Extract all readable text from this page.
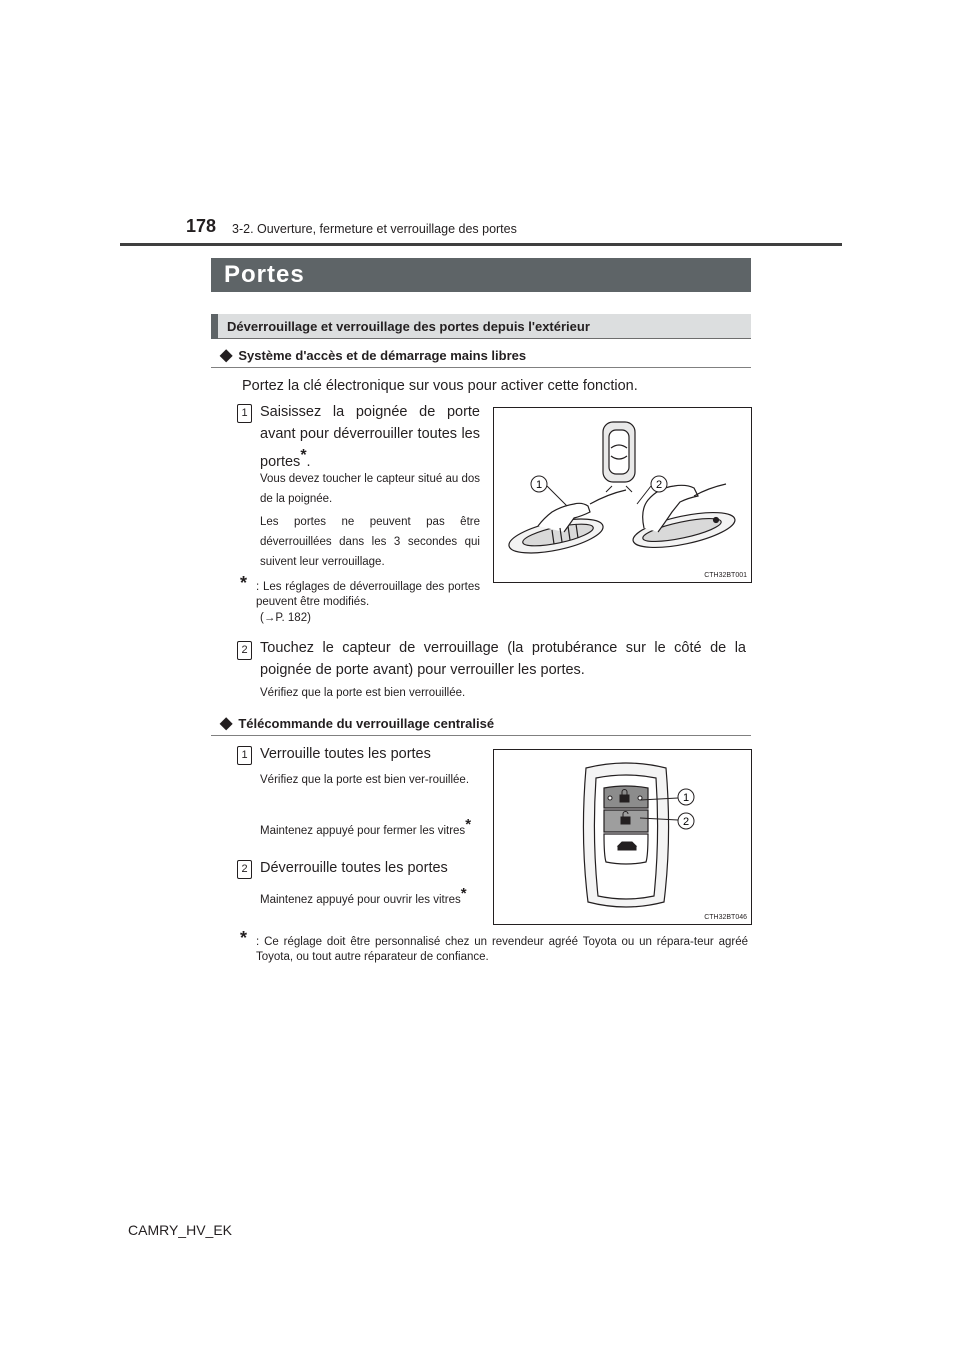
178 3-2. Ouverture, fermeture et verrouillage des portes
Portes
Déverrouillage et verrouillage des portes depuis l'extérieur
◆ Système d'accès et de démarrage mains libres
Portez la clé électronique sur vous pour activer cette fonction.
1 Saisissez la poignée de porte avant pour déverrouiller toutes les portes*.
Vous devez toucher le capteur situé au dos de la poignée.
Les portes ne peuvent pas être déverrouillées dans les 3 secondes qui suivent leur verrouillage.
* : Les réglages de déverrouillage des portes peuvent être modifiés.
(→P. 182)
1	2
CTH32BT001
2 Touchez le capteur de verrouillage (la protubérance sur le côté de la poignée de porte avant) pour verrouiller les portes.
Vérifiez que la porte est bien verrouillée.
◆ Télécommande du verrouillage centralisé
1 Verrouille toutes les portes
Vérifiez que la porte est bien ver-rouillée.
Maintenez appuyé pour fermer les vitres*
2 Déverrouille toutes les portes
Maintenez appuyé pour ouvrir les vitres*
1
2
CTH32BT046
* : Ce réglage doit être personnalisé chez un revendeur agréé Toyota ou un répara-teur agréé Toyota, ou tout autre réparateur de confiance.
CAMRY_HV_EK
